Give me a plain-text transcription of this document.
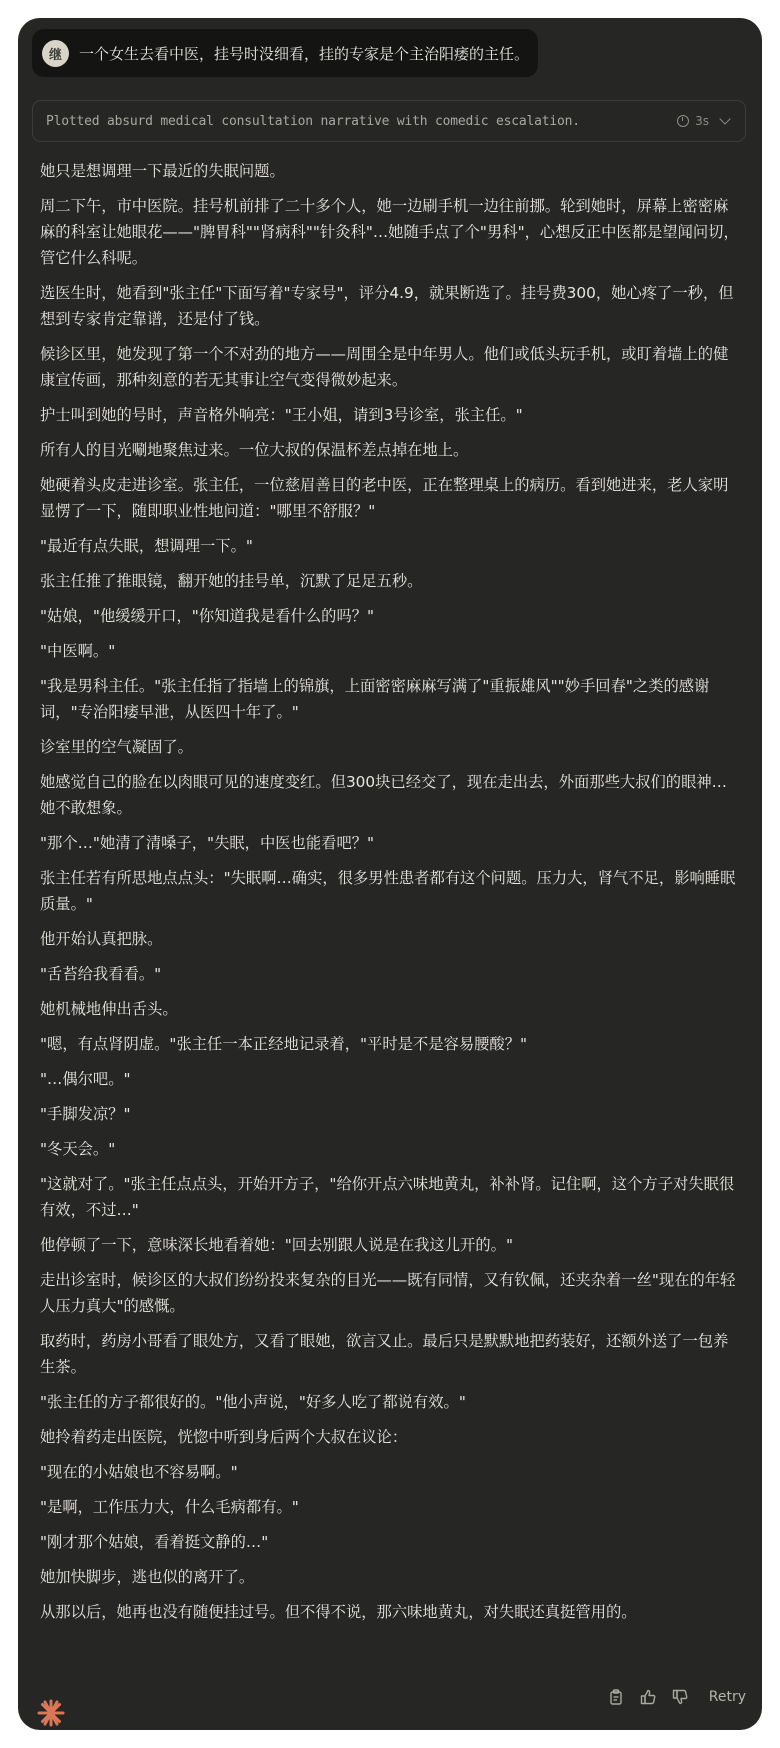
继	一个女生去看中医，挂号时没细看，挂的专家是个主治阳痿的主任。
Plotted absurd medical consultation narrative with comedic escalation.	3s

她只是想调理一下最近的失眠问题。

周二下午，市中医院。挂号机前排了二十多个人，她一边刷手机一边往前挪。轮到她时，屏幕上密密麻麻的科室让她眼花——"脾胃科""肾病科""针灸科"…她随手点了个"男科"，心想反正中医都是望闻问切，管它什么科呢。

选医生时，她看到"张主任"下面写着"专家号"，评分4.9，就果断选了。挂号费300，她心疼了一秒，但想到专家肯定靠谱，还是付了钱。

候诊区里，她发现了第一个不对劲的地方——周围全是中年男人。他们或低头玩手机，或盯着墙上的健康宣传画，那种刻意的若无其事让空气变得微妙起来。

护士叫到她的号时，声音格外响亮："王小姐，请到3号诊室，张主任。"

所有人的目光唰地聚焦过来。一位大叔的保温杯差点掉在地上。

她硬着头皮走进诊室。张主任，一位慈眉善目的老中医，正在整理桌上的病历。看到她进来，老人家明显愣了一下，随即职业性地问道："哪里不舒服？"

"最近有点失眠，想调理一下。"

张主任推了推眼镜，翻开她的挂号单，沉默了足足五秒。

"姑娘，"他缓缓开口，"你知道我是看什么的吗？"

"中医啊。"

"我是男科主任。"张主任指了指墙上的锦旗，上面密密麻麻写满了"重振雄风""妙手回春"之类的感谢词，"专治阳痿早泄，从医四十年了。"

诊室里的空气凝固了。

她感觉自己的脸在以肉眼可见的速度变红。但300块已经交了，现在走出去，外面那些大叔们的眼神…她不敢想象。

"那个…"她清了清嗓子，"失眠，中医也能看吧？"

张主任若有所思地点点头："失眠啊…确实，很多男性患者都有这个问题。压力大，肾气不足，影响睡眠质量。"

他开始认真把脉。

"舌苔给我看看。"

她机械地伸出舌头。

"嗯，有点肾阴虚。"张主任一本正经地记录着，"平时是不是容易腰酸？"

"…偶尔吧。"

"手脚发凉？"

"冬天会。"

"这就对了。"张主任点点头，开始开方子，"给你开点六味地黄丸，补补肾。记住啊，这个方子对失眠很有效，不过…"

他停顿了一下，意味深长地看着她："回去别跟人说是在我这儿开的。"

走出诊室时，候诊区的大叔们纷纷投来复杂的目光——既有同情，又有钦佩，还夹杂着一丝"现在的年轻人压力真大"的感慨。

取药时，药房小哥看了眼处方，又看了眼她，欲言又止。最后只是默默地把药装好，还额外送了一包养生茶。

"张主任的方子都很好的。"他小声说，"好多人吃了都说有效。"

她拎着药走出医院，恍惚中听到身后两个大叔在议论：

"现在的小姑娘也不容易啊。"

"是啊，工作压力大，什么毛病都有。"

"刚才那个姑娘，看着挺文静的…"

她加快脚步，逃也似的离开了。

从那以后，她再也没有随便挂过号。但不得不说，那六味地黄丸，对失眠还真挺管用的。

Retry
